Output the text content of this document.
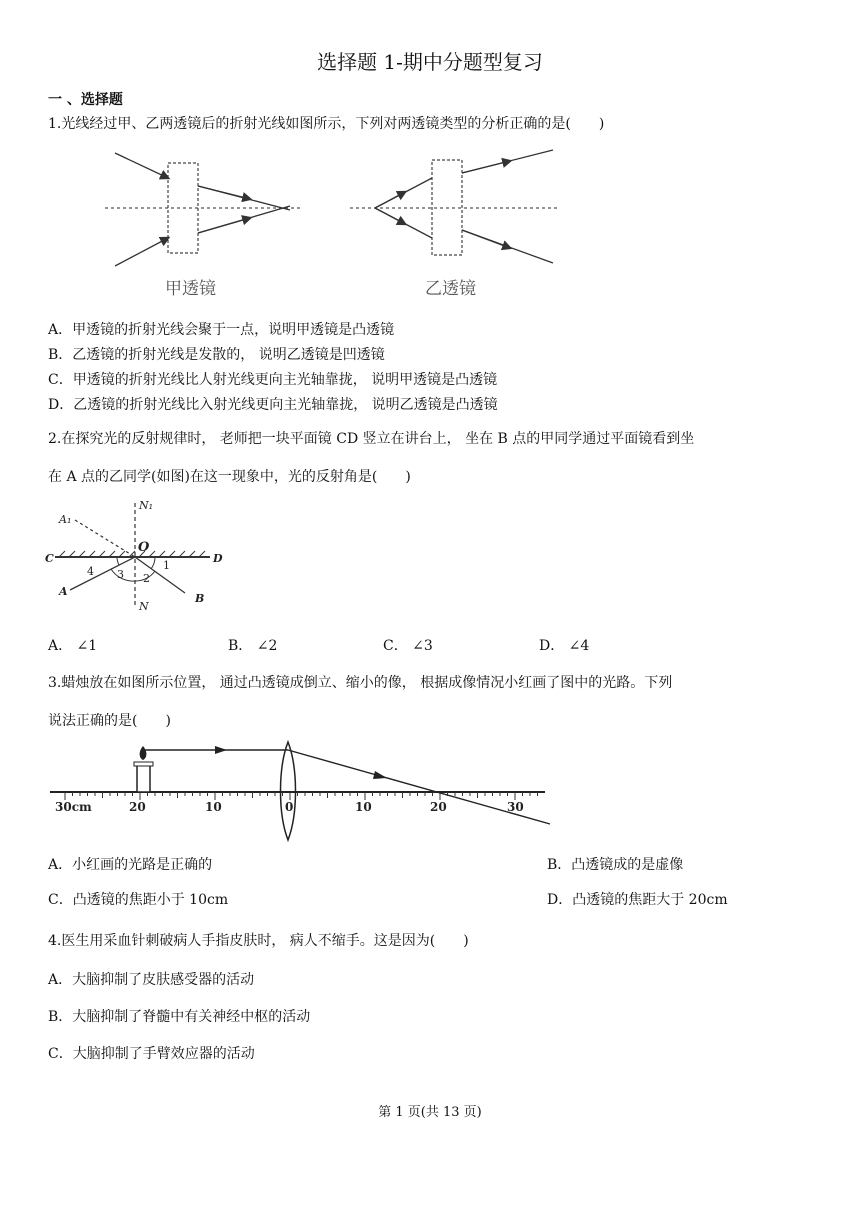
选择题 1-期中分题型复习
一 、选择题
1.光线经过甲、乙两透镜后的折射光线如图所示，下列对两透镜类型的分析正确的是(　　)
甲透镜	乙透镜
A．甲透镜的折射光线会聚于一点，说明甲透镜是凸透镜
B．乙透镜的折射光线是发散的， 说明乙透镜是凹透镜
C．甲透镜的折射光线比人射光线更向主光轴靠拢， 说明甲透镜是凸透镜
D．乙透镜的折射光线比入射光线更向主光轴靠拢， 说明乙透镜是凸透镜
2.在探究光的反射规律时， 老师把一块平面镜 CD 竖立在讲台上， 坐在 B 点的甲同学通过平面镜看到坐
在 A 点的乙同学(如图)在这一现象中，光的反射角是(　　)
A₁
N₁
O
C	D
A
B
N
1
2
3
4
A． ∠1	B． ∠2	C． ∠3	D． ∠4
3.蜡烛放在如图所示位置， 通过凸透镜成倒立、缩小的像， 根据成像情况小红画了图中的光路。下列
说法正确的是(　　)
30cm	20	10	0	10	20	30
A．小红画的光路是正确的	B．凸透镜成的是虚像
C．凸透镜的焦距小于 10cm	D．凸透镜的焦距大于 20cm
4.医生用采血针刺破病人手指皮肤时， 病人不缩手。这是因为(　　)
A．大脑抑制了皮肤感受器的活动
B．大脑抑制了脊髓中有关神经中枢的活动
C．大脑抑制了手臂效应器的活动
第 1 页(共 13 页)
